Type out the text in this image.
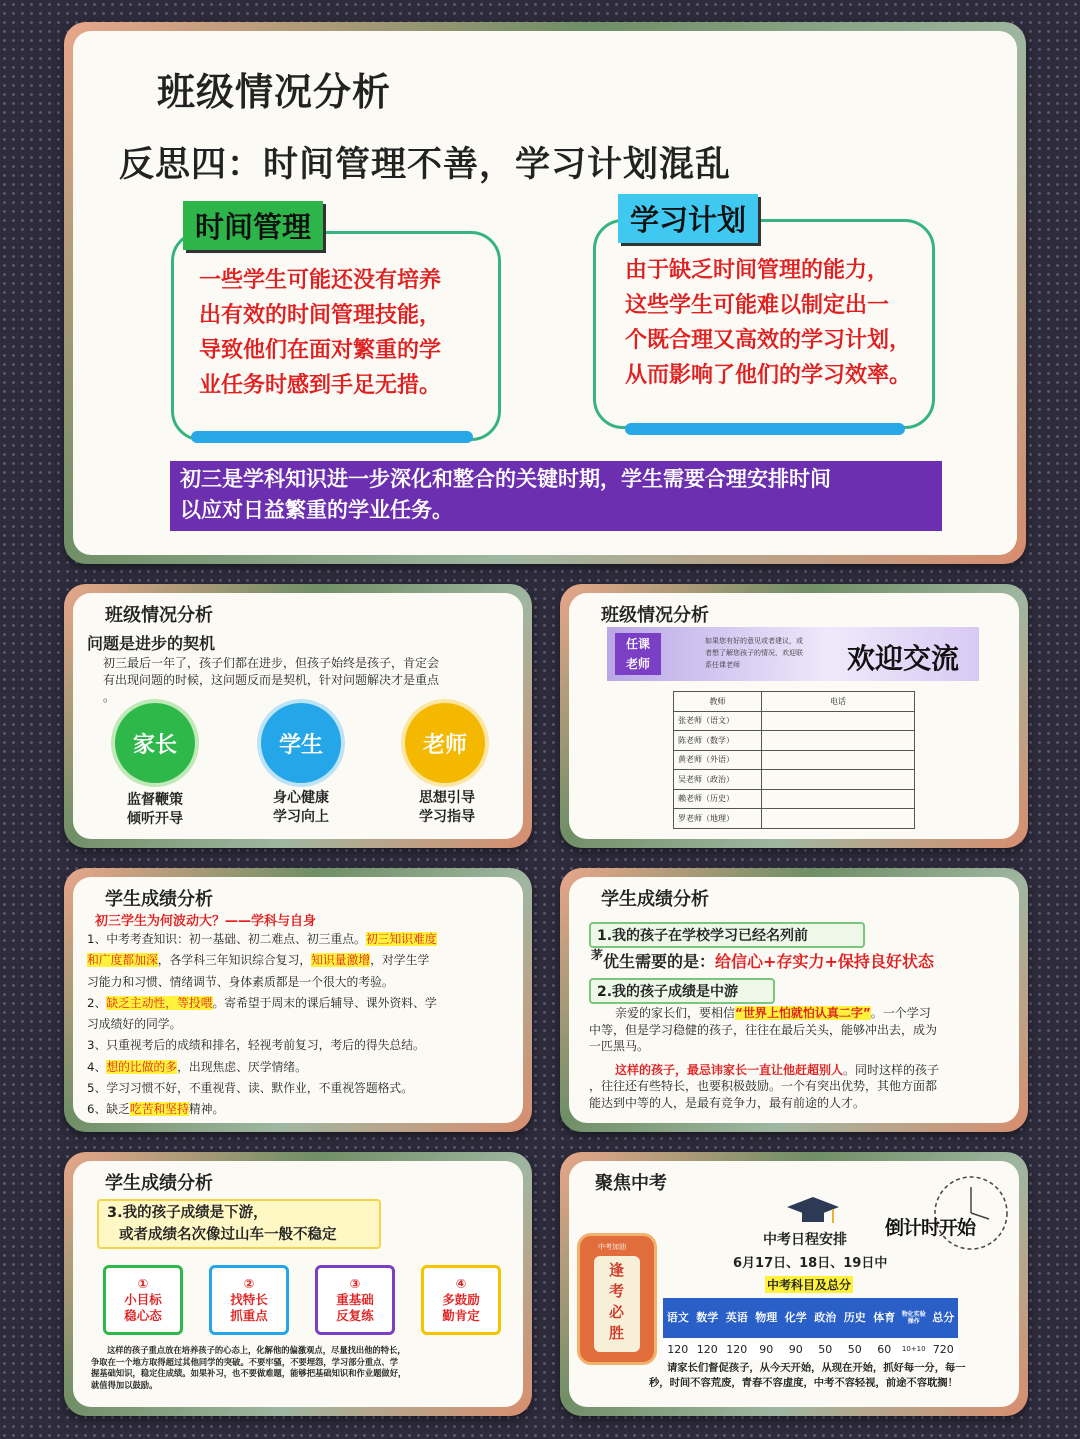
班级情况分析
反思四：时间管理不善，学习计划混乱
时间管理
一些学生可能还没有培养
出有效的时间管理技能，
导致他们在面对繁重的学
业任务时感到手足无措。
学习计划
由于缺乏时间管理的能力，
这些学生可能难以制定出一
个既合理又高效的学习计划，
从而影响了他们的学习效率。
初三是学科知识进一步深化和整合的关键时期，学生需要合理安排时间
以应对日益繁重的学业任务。
班级情况分析
问题是进步的契机
初三最后一年了，孩子们都在进步，但孩子始终是孩子，肯定会
有出现问题的时候，这问题反而是契机，针对问题解决才是重点
。
家长	学生	老师
监督鞭策
倾听开导
身心健康
学习向上
思想引导
学习指导
班级情况分析
任课
老师
如果您有好的意见或者建议，或
者想了解您孩子的情况，欢迎联
系任课老师	欢迎交流
教师	电话
张老师（语文）	
陈老师（数学）	
黄老师（外语）	
吴老师（政治）	
赖老师（历史）	
罗老师（地理）	
学生成绩分析
初三学生为何波动大？——学科与自身
1、中考考查知识：初一基础、初二难点、初三重点。初三知识难度
和广度都加深，各学科三年知识综合复习，知识量激增，对学生学
习能力和习惯、情绪调节、身体素质都是一个很大的考验。
2、缺乏主动性，等投喂。寄希望于周末的课后辅导、课外资料、学
习成绩好的同学。
3、只重视考后的成绩和排名，轻视考前复习，考后的得失总结。
4、想的比做的多，出现焦虑、厌学情绪。
5、学习习惯不好，不重视背、读、默作业，不重视答题格式。
6、缺乏吃苦和坚持精神。
学生成绩分析
1.我的孩子在学校学习已经名列前
$^茅$优生需要的是：给信心+存实力+保持良好状态
2.我的孩子成绩是中游
亲爱的家长们，要相信“世界上怕就怕认真二字”。一个学习
中等，但是学习稳健的孩子，往往在最后关头，能够冲出去，成为
一匹黑马。
这样的孩子，最忌讳家长一直让他赶超别人。同时这样的孩子
，往往还有些特长，也要积极鼓励。一个有突出优势，其他方面都
能达到中等的人，是最有竞争力，最有前途的人才。
学生成绩分析
3.我的孩子成绩是下游，
或者成绩名次像过山车一般不稳定
①
小目标
稳心态
②
找特长
抓重点
③
重基础
反复练
④
多鼓励
勤肯定
这样的孩子重点放在培养孩子的心态上，化解他的偏激观点，尽量找出他的特长，
争取在一个地方取得超过其他同学的突破。不要牢骚，不要埋怨，学习部分重点、学
握基础知识，稳定住成绩。如果补习，也不要做难题，能够把基础知识和作业题做好，
就值得加以鼓励。
聚焦中考
中考加油
逢考必胜
倒计时开始
中考日程安排
6月17日、18日、19日中
中考科目及总分
语文	数学	英语	物理	化学	政治	历史	体育	物化实验操作	总分
120	120	120	90	90	50	50	60	10+10	720
请家长们督促孩子，从今天开始，从现在开始，抓好每一分，每一
秒，时间不容荒废，青春不容虚度，中考不容轻视，前途不容耽搁！
